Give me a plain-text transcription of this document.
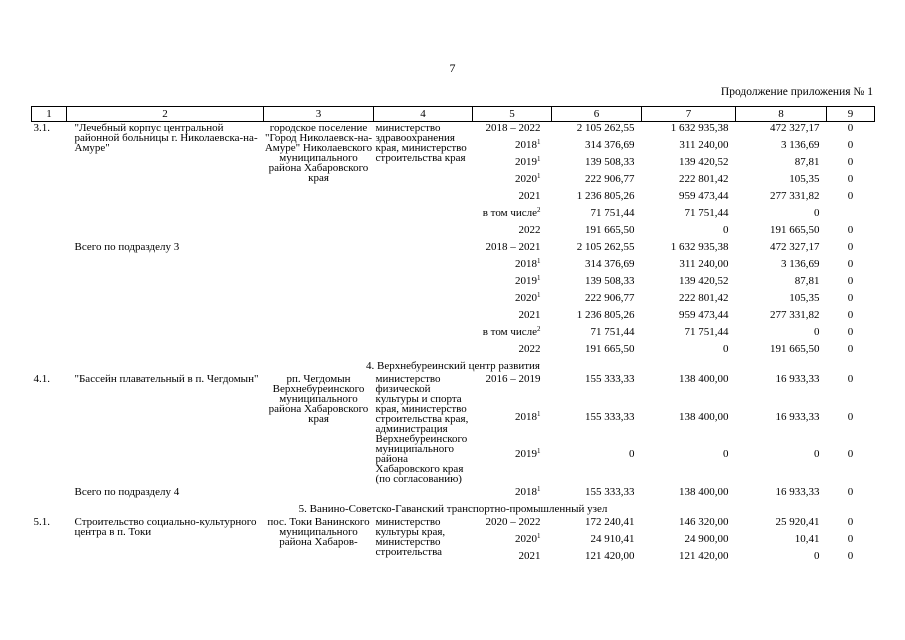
7
Продолжение приложения № 1
1	2	3	4	5	6	7	8	9
3.1.	"Лечебный корпус центральной районной больницы г. Николаевска-на-Амуре"	городское поселение "Город Николаевск-на-Амуре" Николаевского муниципального района Хабаровского края	министерство здравоохранения края, министерство строительства края	2018 – 2022	2 105 262,55	1 632 935,38	472 327,17	0
				2018$^1$	314 376,69	311 240,00	3 136,69	0
				2019$^1$	139 508,33	139 420,52	87,81	0
				2020$^1$	222 906,77	222 801,42	105,35	0
				2021	1 236 805,26	959 473,44	277 331,82	0
				в том числе$^2$	71 751,44	71 751,44	0	
				2022	191 665,50	0	191 665,50	0
	Всего по подразделу 3			2018 – 2021	2 105 262,55	1 632 935,38	472 327,17	0
				2018$^1$	314 376,69	311 240,00	3 136,69	0
				2019$^1$	139 508,33	139 420,52	87,81	0
				2020$^1$	222 906,77	222 801,42	105,35	0
				2021	1 236 805,26	959 473,44	277 331,82	0
				в том числе$^2$	71 751,44	71 751,44	0	0
				2022	191 665,50	0	191 665,50	0
4. Верхнебуреинский центр развития								
4.1.	"Бассейн плавательный в п. Чегдомын"	рп. Чегдомын Верхнебуреинского муниципального района Хабаровского края	министерство физической культуры и спорта края, министерство строительства края, администрация Верхнебуреинского муниципального района Хабаровского края (по согласованию)	2016 – 2019	155 333,33	138 400,00	16 933,33	0
				2018$^1$	155 333,33	138 400,00	16 933,33	0
				2019$^1$	0	0	0	0
	Всего по подразделу 4			2018$^1$	155 333,33	138 400,00	16 933,33	0
5. Ванино-Советско-Гаванский транспортно-промышленный узел								
5.1.	Строительство социально-культурного центра в п. Токи	пос. Токи Ванинского муниципального района Хабаров-	министерство культуры края, министерство строительства	2020 – 2022	172 240,41	146 320,00	25 920,41	0
				2020$^1$	24 910,41	24 900,00	10,41	0
				2021	121 420,00	121 420,00	0	0
